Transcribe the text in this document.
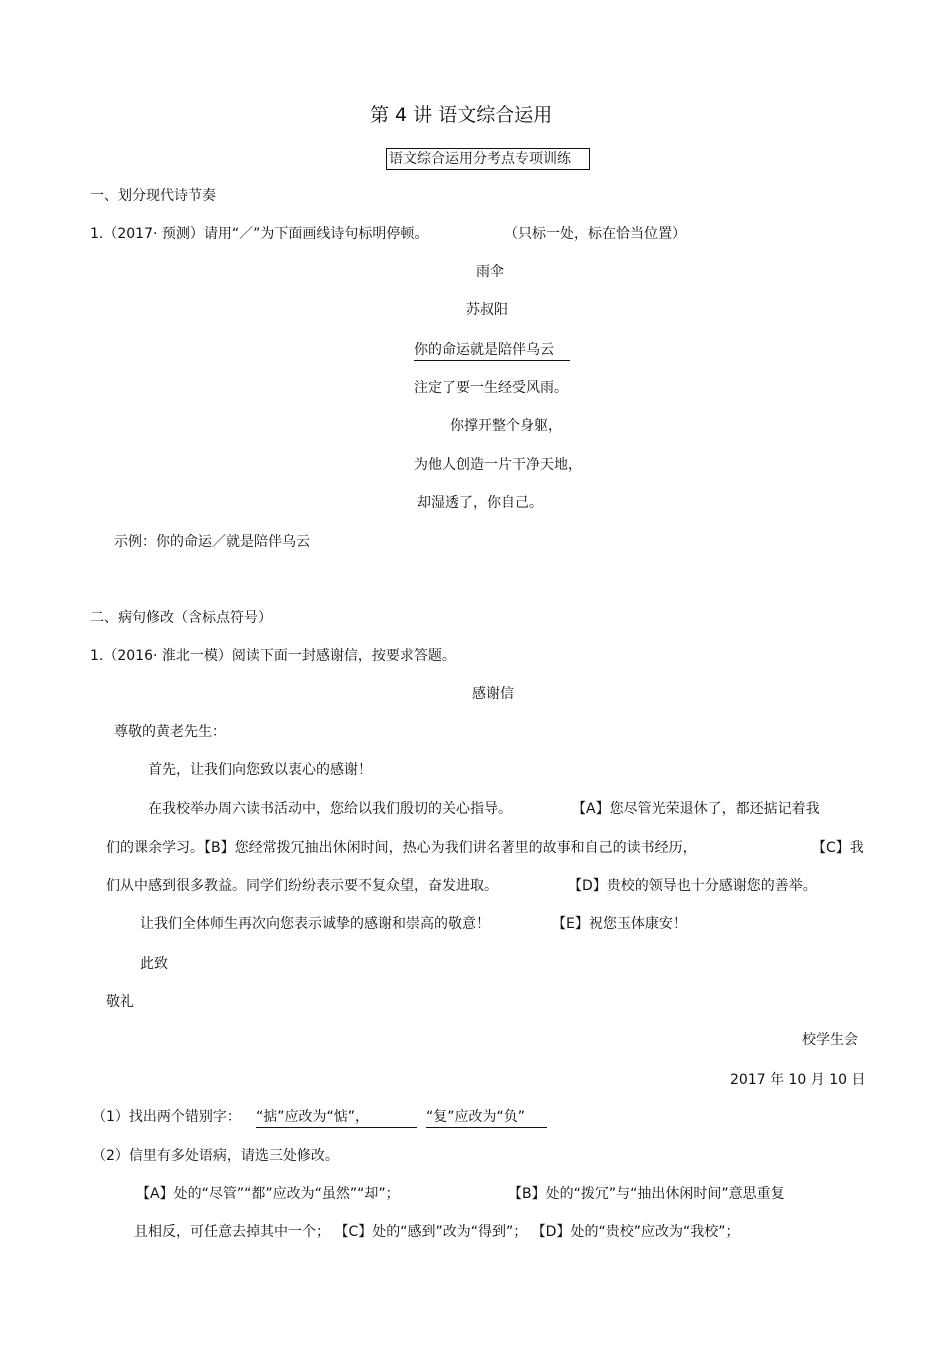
第 4 讲 语文综合运用
语文综合运用分考点专项训练
一、划分现代诗节奏
1.（2017· 预测）请用“／”为下面画线诗句标明停顿。	（只标一处，标在恰当位置）
雨伞
苏叔阳
你的命运就是陪伴乌云
注定了要一生经受风雨。
你撑开整个身躯，
为他人创造一片干净天地，
却湿透了，你自己。
示例：你的命运／就是陪伴乌云
二、病句修改（含标点符号）
1.（2016· 淮北一模）阅读下面一封感谢信，按要求答题。
感谢信
尊敬的黄老先生：
首先，让我们向您致以衷心的感谢！
在我校举办周六读书活动中，您给以我们殷切的关心指导。	【A】您尽管光荣退休了，都还掂记着我
们的课余学习。【B】您经常拨冗抽出休闲时间，热心为我们讲名著里的故事和自己的读书经历，	【C】我
们从中感到很多教益。同学们纷纷表示要不复众望，奋发进取。	【D】贵校的领导也十分感谢您的善举。
让我们全体师生再次向您表示诚挚的感谢和崇高的敬意！	【E】祝您玉体康安！
此致
敬礼
校学生会
2017 年 10 月 10 日
（1）找出两个错别字： “掂”应改为“惦”，	“复”应改为“负”
（2）信里有多处语病，请选三处修改。
【A】处的“尽管”“都”应改为“虽然”“却”；	【B】处的“拨冗”与“抽出休闲时间”意思重复
且相反，可任意去掉其中一个； 【C】处的“感到”改为“得到”； 【D】处的“贵校”应改为“我校”；
